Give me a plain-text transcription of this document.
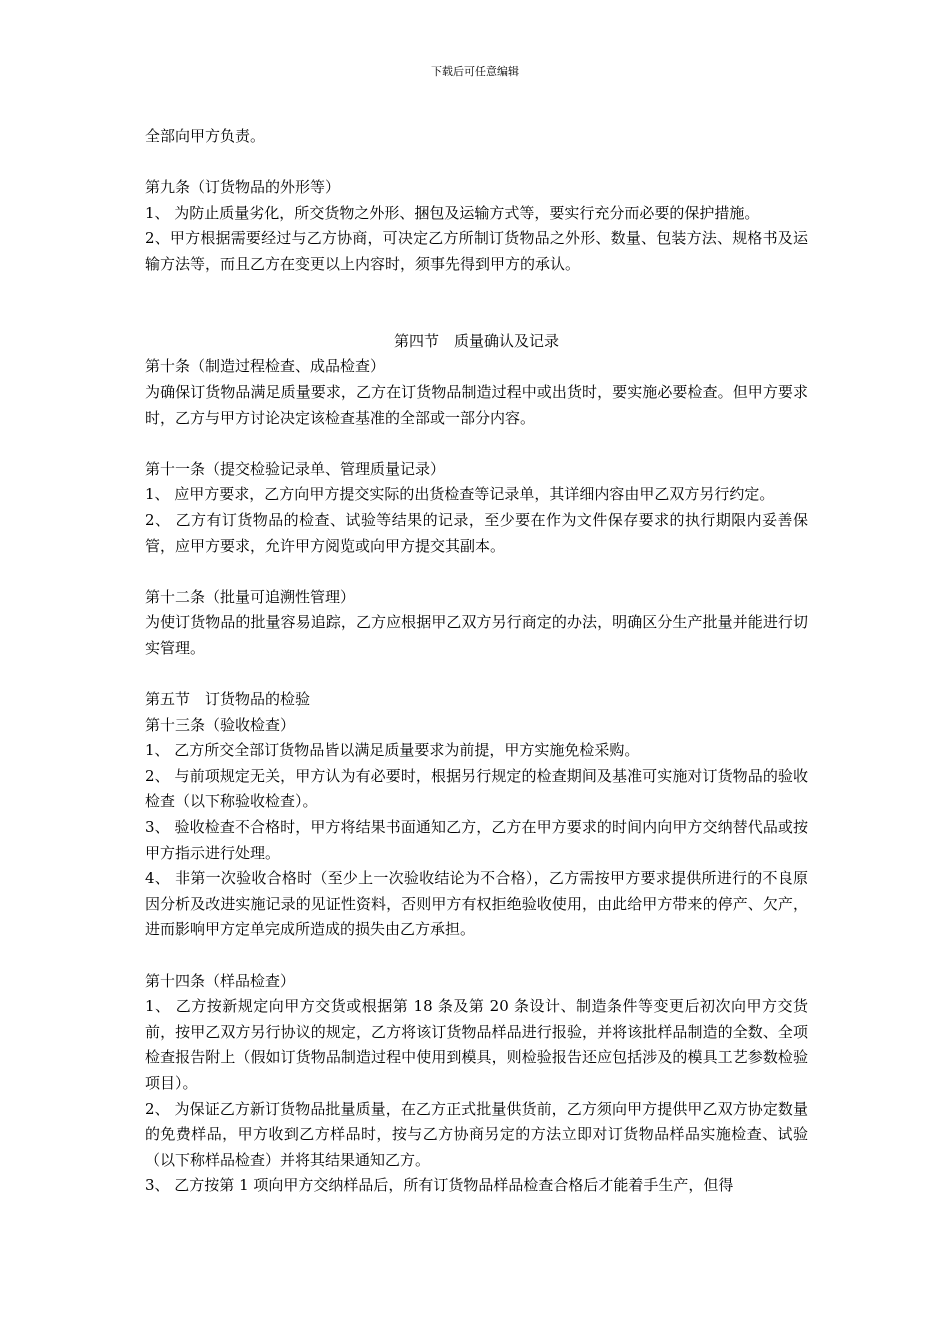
下载后可任意编辑

全部向甲方负责。

第九条（订货物品的外形等）

1、 为防止质量劣化，所交货物之外形、捆包及运输方式等，要实行充分而必要的保护措施。

2、甲方根据需要经过与乙方协商，可决定乙方所制订货物品之外形、数量、包装方法、规格书及运输方法等，而且乙方在变更以上内容时，须事先得到甲方的承认。

第四节　质量确认及记录

第十条（制造过程检查、成品检查）

为确保订货物品满足质量要求，乙方在订货物品制造过程中或出货时，要实施必要检查。但甲方要求时，乙方与甲方讨论决定该检查基准的全部或一部分内容。

第十一条（提交检验记录单、管理质量记录）

1、 应甲方要求，乙方向甲方提交实际的出货检查等记录单，其详细内容由甲乙双方另行约定。

2、 乙方有订货物品的检查、试验等结果的记录，至少要在作为文件保存要求的执行期限内妥善保管，应甲方要求，允许甲方阅览或向甲方提交其副本。

第十二条（批量可追溯性管理）

为使订货物品的批量容易追踪，乙方应根据甲乙双方另行商定的办法，明确区分生产批量并能进行切实管理。

第五节　订货物品的检验

第十三条（验收检查）

1、 乙方所交全部订货物品皆以满足质量要求为前提，甲方实施免检采购。

2、 与前项规定无关，甲方认为有必要时，根据另行规定的检查期间及基准可实施对订货物品的验收检查（以下称验收检查）。

3、 验收检查不合格时，甲方将结果书面通知乙方，乙方在甲方要求的时间内向甲方交纳替代品或按甲方指示进行处理。

4、 非第一次验收合格时（至少上一次验收结论为不合格），乙方需按甲方要求提供所进行的不良原因分析及改进实施记录的见证性资料，否则甲方有权拒绝验收使用，由此给甲方带来的停产、欠产，进而影响甲方定单完成所造成的损失由乙方承担。

第十四条（样品检查）

1、 乙方按新规定向甲方交货或根据第 18 条及第 20 条设计、制造条件等变更后初次向甲方交货前，按甲乙双方另行协议的规定，乙方将该订货物品样品进行报验，并将该批样品制造的全数、全项检查报告附上（假如订货物品制造过程中使用到模具，则检验报告还应包括涉及的模具工艺参数检验项目）。

2、 为保证乙方新订货物品批量质量，在乙方正式批量供货前，乙方须向甲方提供甲乙双方协定数量的免费样品，甲方收到乙方样品时，按与乙方协商另定的方法立即对订货物品样品实施检查、试验（以下称样品检查）并将其结果通知乙方。

3、 乙方按第 1 项向甲方交纳样品后，所有订货物品样品检查合格后才能着手生产，但得
